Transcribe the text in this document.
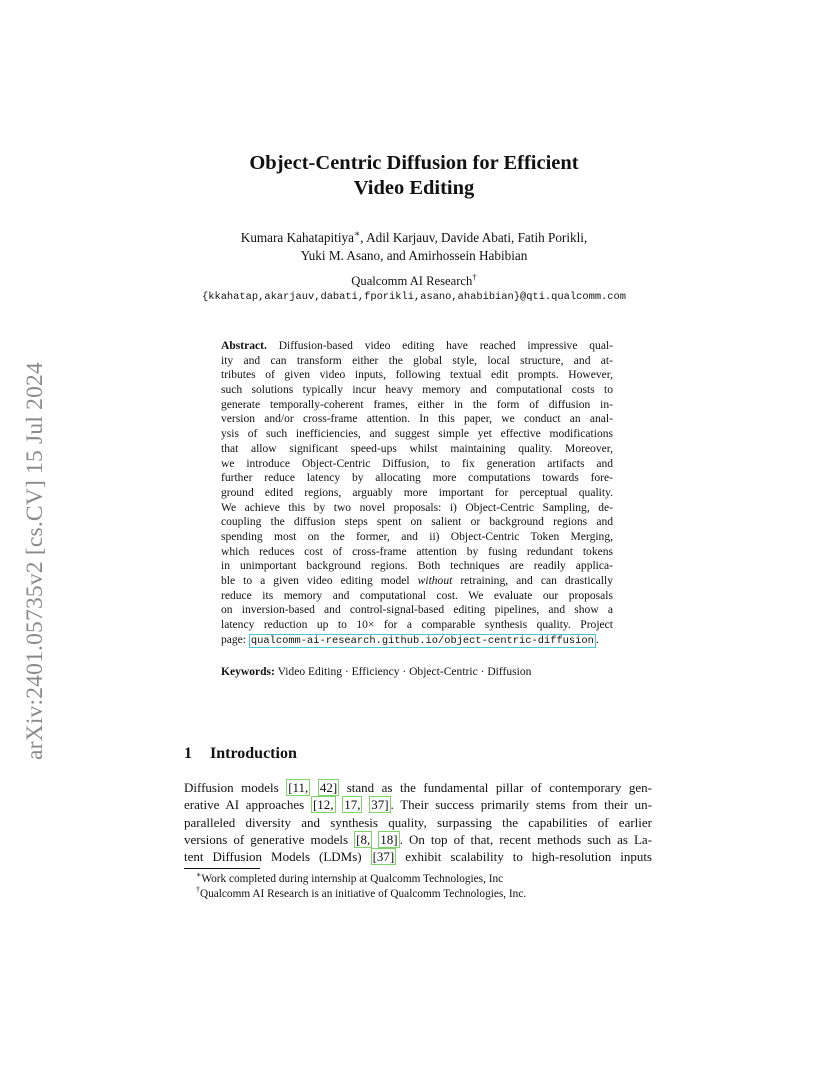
arXiv:2401.05735v2 [cs.CV] 15 Jul 2024
Object-Centric Diffusion for Efficient
Video Editing
Kumara Kahatapitiya∗, Adil Karjauv, Davide Abati, Fatih Porikli,
Yuki M. Asano, and Amirhossein Habibian
Qualcomm AI Research†
{kkahatap,akarjauv,dabati,fporikli,asano,ahabibian}@qti.qualcomm.com
Abstract. Diffusion-based video editing have reached impressive qual-
ity and can transform either the global style, local structure, and at-
tributes of given video inputs, following textual edit prompts. However,
such solutions typically incur heavy memory and computational costs to
generate temporally-coherent frames, either in the form of diffusion in-
version and/or cross-frame attention. In this paper, we conduct an anal-
ysis of such inefficiencies, and suggest simple yet effective modifications
that allow significant speed-ups whilst maintaining quality. Moreover,
we introduce Object-Centric Diffusion, to fix generation artifacts and
further reduce latency by allocating more computations towards fore-
ground edited regions, arguably more important for perceptual quality.
We achieve this by two novel proposals: i) Object-Centric Sampling, de-
coupling the diffusion steps spent on salient or background regions and
spending most on the former, and ii) Object-Centric Token Merging,
which reduces cost of cross-frame attention by fusing redundant tokens
in unimportant background regions. Both techniques are readily applica-
ble to a given video editing model without retraining, and can drastically
reduce its memory and computational cost. We evaluate our proposals
on inversion-based and control-signal-based editing pipelines, and show a
latency reduction up to 10× for a comparable synthesis quality. Project
page: qualcomm-ai-research.github.io/object-centric-diffusion .
Keywords: Video Editing · Efficiency · Object-Centric · Diffusion
1 Introduction
Diffusion models [11, 42] stand as the fundamental pillar of contemporary gen-
erative AI approaches [12, 17, 37] . Their success primarily stems from their un-
paralleled diversity and synthesis quality, surpassing the capabilities of earlier
versions of generative models [8, 18] . On top of that, recent methods such as La-
tent Diffusion Models (LDMs) [37] exhibit scalability to high-resolution inputs
∗Work completed during internship at Qualcomm Technologies, Inc
†Qualcomm AI Research is an initiative of Qualcomm Technologies, Inc.
